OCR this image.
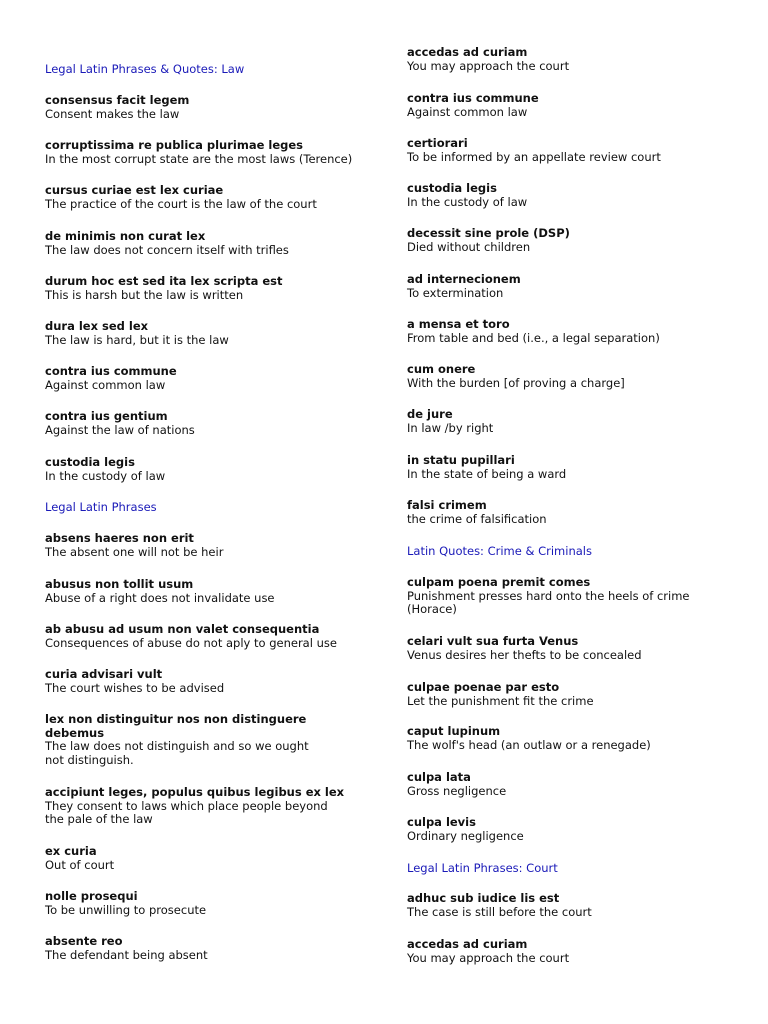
Legal Latin Phrases & Quotes: Law
consensus facit legem
Consent makes the law
corruptissima re publica plurimae leges
In the most corrupt state are the most laws (Terence)
cursus curiae est lex curiae
The practice of the court is the law of the court
de minimis non curat lex
The law does not concern itself with trifles
durum hoc est sed ita lex scripta est
This is harsh but the law is written
dura lex sed lex
The law is hard, but it is the law
contra ius commune
Against common law
contra ius gentium
Against the law of nations
custodia legis
In the custody of law
Legal Latin Phrases
absens haeres non erit
The absent one will not be heir
abusus non tollit usum
Abuse of a right does not invalidate use
ab abusu ad usum non valet consequentia
Consequences of abuse do not aply to general use
curia advisari vult
The court wishes to be advised
lex non distinguitur nos non distinguere debemus
The law does not distinguish and so we ought not distinguish.
accipiunt leges, populus quibus legibus ex lex
They consent to laws which place people beyond the pale of the law
ex curia
Out of court
nolle prosequi
To be unwilling to prosecute
absente reo
The defendant being absent
accedas ad curiam
You may approach the court
contra ius commune
Against common law
certiorari
To be informed by an appellate review court
custodia legis
In the custody of law
decessit sine prole (DSP)
Died without children
ad internecionem
To extermination
a mensa et toro
From table and bed (i.e., a legal separation)
cum onere
With the burden [of proving a charge]
de jure
In law /by right
in statu pupillari
In the state of being a ward
falsi crimem
the crime of falsification
Latin Quotes: Crime & Criminals
culpam poena premit comes
Punishment presses hard onto the heels of crime (Horace)
celari vult sua furta Venus
Venus desires her thefts to be concealed
culpae poenae par esto
Let the punishment fit the crime
caput lupinum
The wolf's head (an outlaw or a renegade)
culpa lata
Gross negligence
culpa levis
Ordinary negligence
Legal Latin Phrases: Court
adhuc sub iudice lis est
The case is still before the court
accedas ad curiam
You may approach the court
